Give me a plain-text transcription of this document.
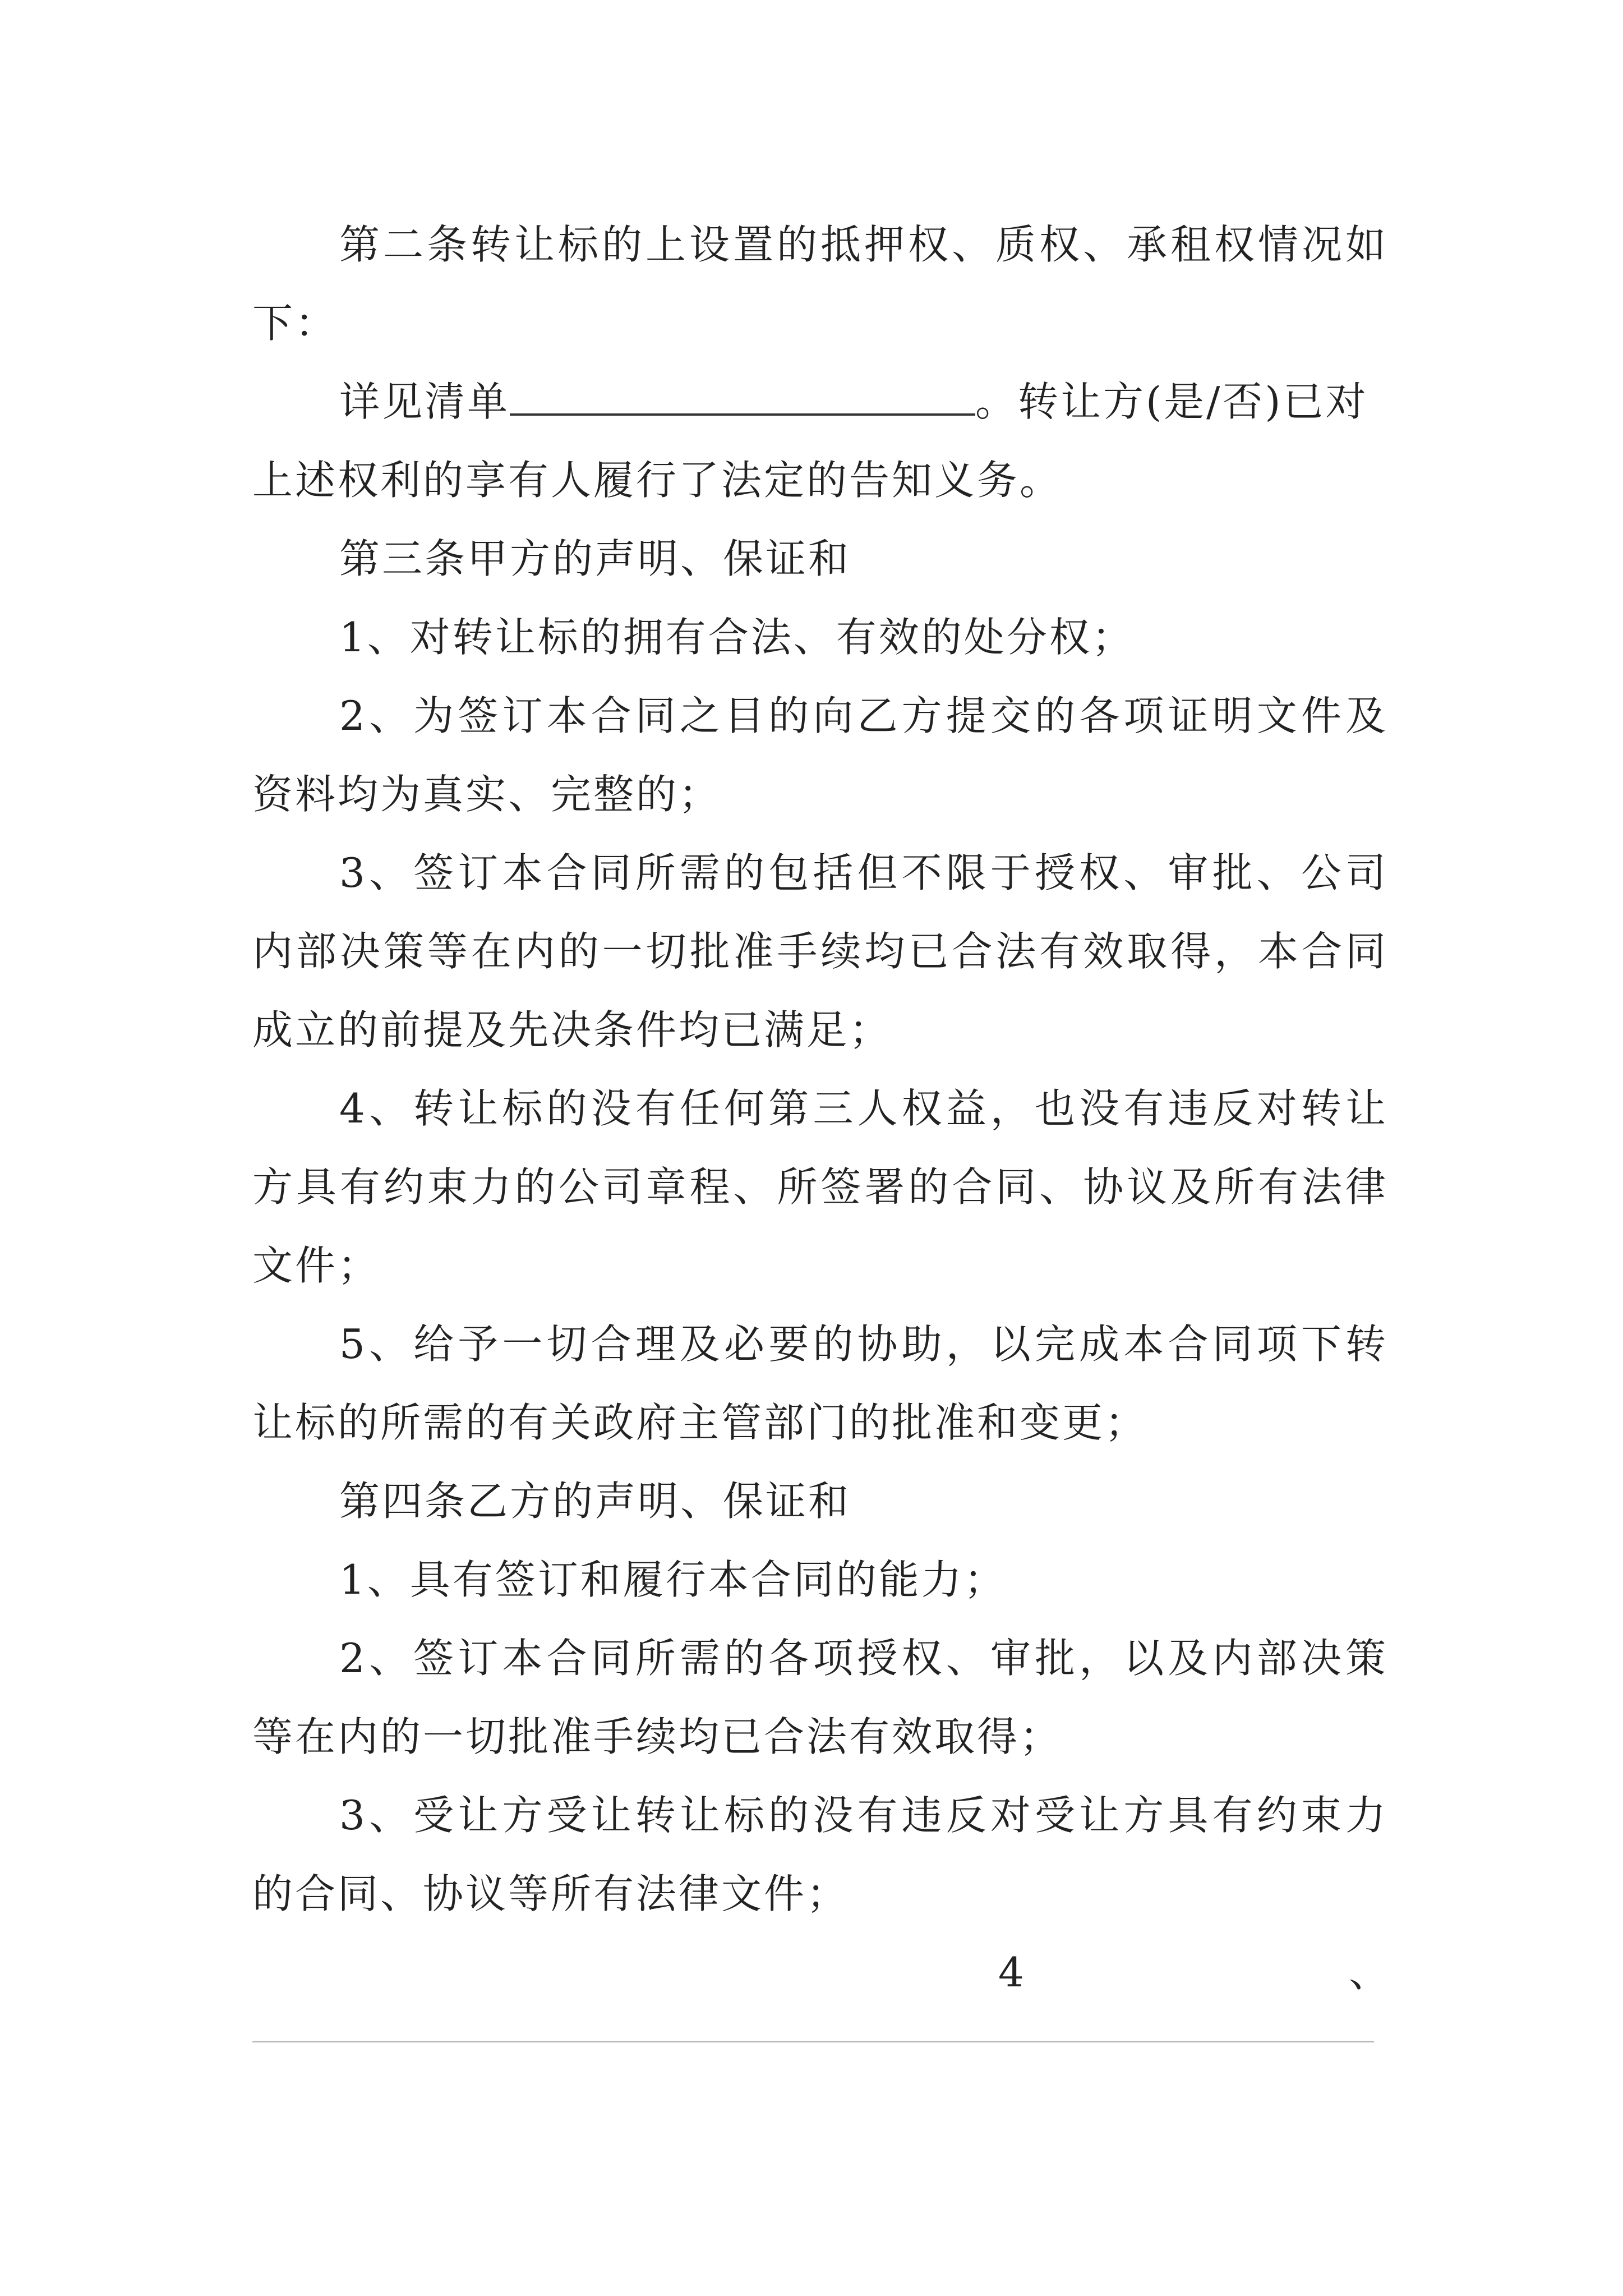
第二条转让标的上设置的抵押权、质权、承租权情况如
下：
详见清单	。转让方(是/否)已对
上述权利的享有人履行了法定的告知义务。
第三条甲方的声明、保证和
1、对转让标的拥有合法、有效的处分权；
2、为签订本合同之目的向乙方提交的各项证明文件及
资料均为真实、完整的；
3、签订本合同所需的包括但不限于授权、审批、公司
内部决策等在内的一切批准手续均已合法有效取得，本合同
成立的前提及先决条件均已满足；
4、转让标的没有任何第三人权益，也没有违反对转让
方具有约束力的公司章程、所签署的合同、协议及所有法律
文件；
5、给予一切合理及必要的协助，以完成本合同项下转
让标的所需的有关政府主管部门的批准和变更；
第四条乙方的声明、保证和
1、具有签订和履行本合同的能力；
2、签订本合同所需的各项授权、审批，以及内部决策
等在内的一切批准手续均已合法有效取得；
3、受让方受让转让标的没有违反对受让方具有约束力
的合同、协议等所有法律文件；
4	、
